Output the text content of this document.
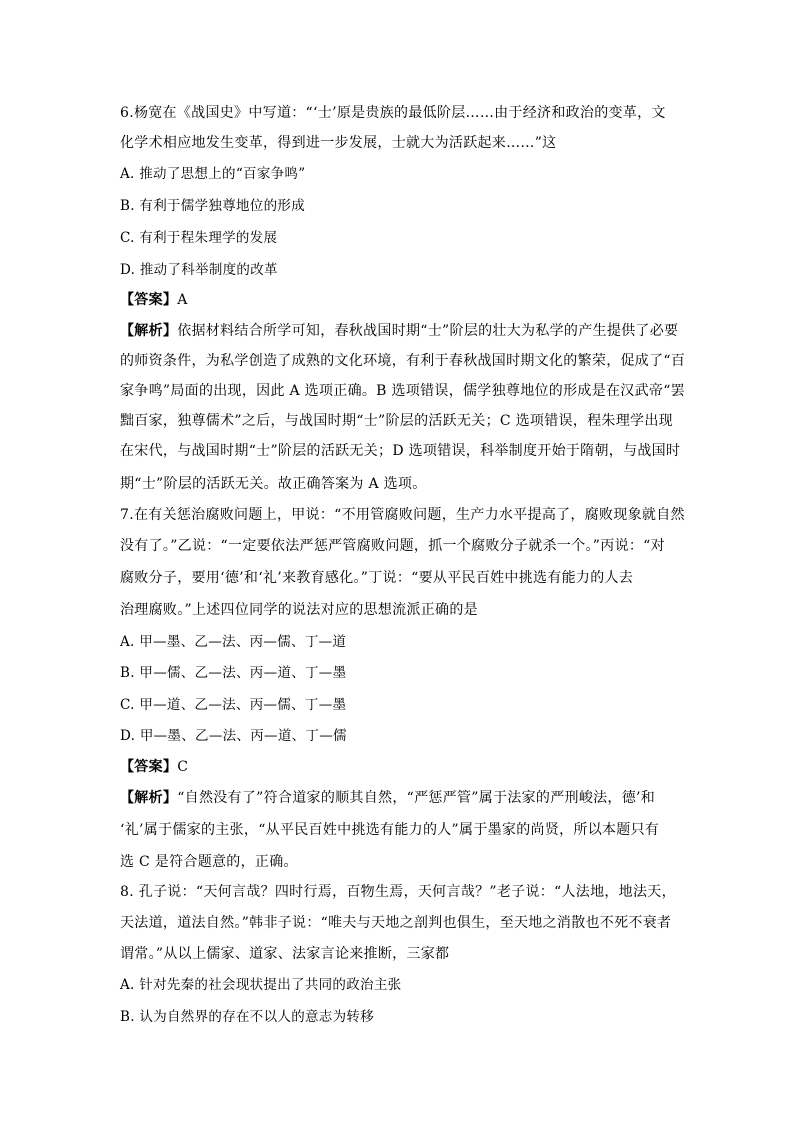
6.杨宽在《战国史》中写道：“‘士’原是贵族的最低阶层……由于经济和政治的变革，文
化学术相应地发生变革，得到进一步发展，士就大为活跃起来……”这
A. 推动了思想上的“百家争鸣”
B. 有利于儒学独尊地位的形成
C. 有利于程朱理学的发展
D. 推动了科举制度的改革
【答案】A
【解析】依据材料结合所学可知，春秋战国时期“士”阶层的壮大为私学的产生提供了必要
的师资条件，为私学创造了成熟的文化环境，有利于春秋战国时期文化的繁荣，促成了“百
家争鸣”局面的出现，因此 A 选项正确。B 选项错误，儒学独尊地位的形成是在汉武帝“罢
黜百家，独尊儒术”之后，与战国时期“士”阶层的活跃无关；C 选项错误，程朱理学出现
在宋代，与战国时期“士”阶层的活跃无关；D 选项错误，科举制度开始于隋朝，与战国时
期“士”阶层的活跃无关。故正确答案为 A 选项。
7.在有关惩治腐败问题上，甲说：“不用管腐败问题，生产力水平提高了，腐败现象就自然
没有了。”乙说：“一定要依法严惩严管腐败问题，抓一个腐败分子就杀一个。”丙说：“对
腐败分子，要用‘德’和‘礼’来教育感化。”丁说：“要从平民百姓中挑选有能力的人去
治理腐败。”上述四位同学的说法对应的思想流派正确的是
A. 甲—墨、乙—法、丙—儒、丁—道
B. 甲—儒、乙—法、丙—道、丁—墨
C. 甲—道、乙—法、丙—儒、丁—墨
D. 甲—墨、乙—法、丙—道、丁—儒
【答案】C
【解析】“自然没有了”符合道家的顺其自然，“严惩严管”属于法家的严刑峻法，德’和
‘礼’属于儒家的主张，“从平民百姓中挑选有能力的人”属于墨家的尚贤，所以本题只有
选 C 是符合题意的，正确。
8. 孔子说：“天何言哉？四时行焉，百物生焉，天何言哉？”老子说：“人法地，地法天，
天法道，道法自然。”韩非子说：“唯夫与天地之剖判也俱生，至天地之消散也不死不衰者
谓常。”从以上儒家、道家、法家言论来推断，三家都
A. 针对先秦的社会现状提出了共同的政治主张
B. 认为自然界的存在不以人的意志为转移
